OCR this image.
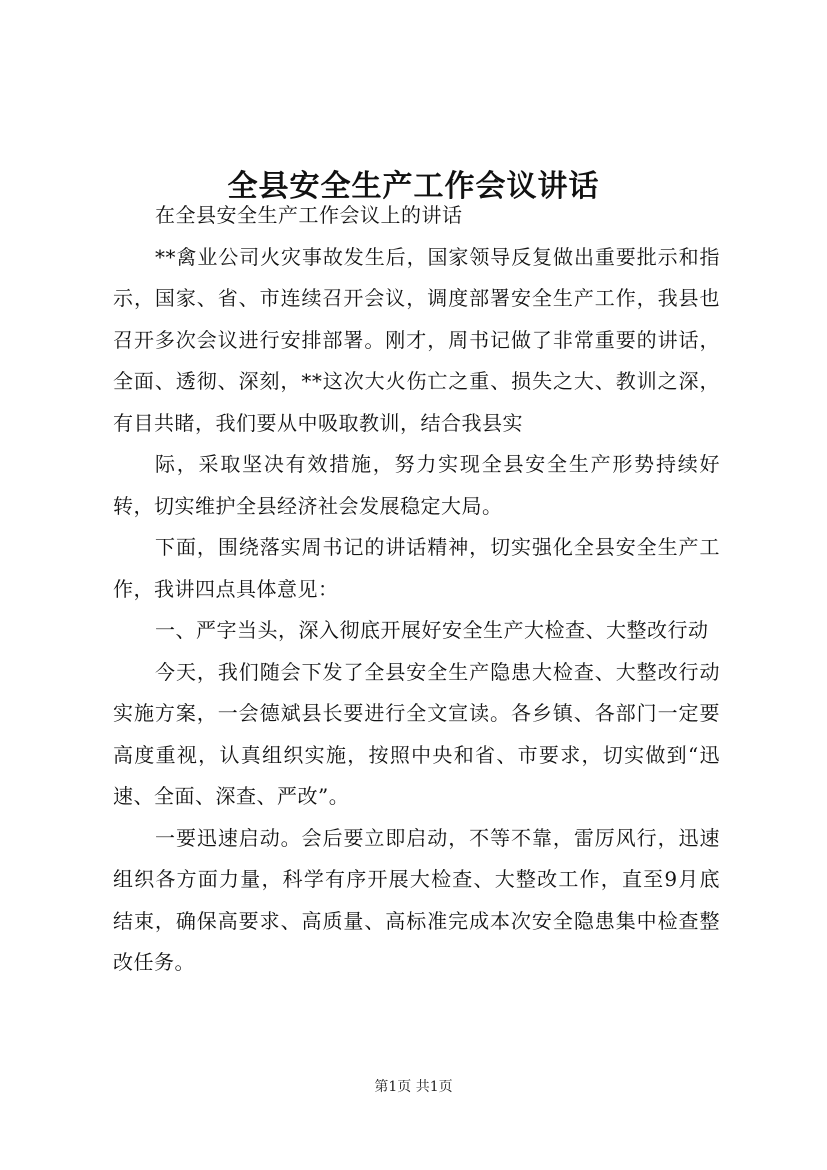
全县安全生产工作会议讲话

在全县安全生产工作会议上的讲话

**禽业公司火灾事故发生后，国家领导反复做出重要批示和指示，国家、省、市连续召开会议，调度部署安全生产工作，我县也召开多次会议进行安排部署。刚才，周书记做了非常重要的讲话，全面、透彻、深刻，**这次大火伤亡之重、损失之大、教训之深，有目共睹，我们要从中吸取教训，结合我县实

际，采取坚决有效措施，努力实现全县安全生产形势持续好转，切实维护全县经济社会发展稳定大局。

下面，围绕落实周书记的讲话精神，切实强化全县安全生产工作，我讲四点具体意见：

一、严字当头，深入彻底开展好安全生产大检查、大整改行动

今天，我们随会下发了全县安全生产隐患大检查、大整改行动实施方案，一会德斌县长要进行全文宣读。各乡镇、各部门一定要高度重视，认真组织实施，按照中央和省、市要求，切实做到“迅速、全面、深查、严改”。

一要迅速启动。会后要立即启动，不等不靠，雷厉风行，迅速组织各方面力量，科学有序开展大检查、大整改工作，直至9月底结束，确保高要求、高质量、高标准完成本次安全隐患集中检查整改任务。

第1页 共1页
